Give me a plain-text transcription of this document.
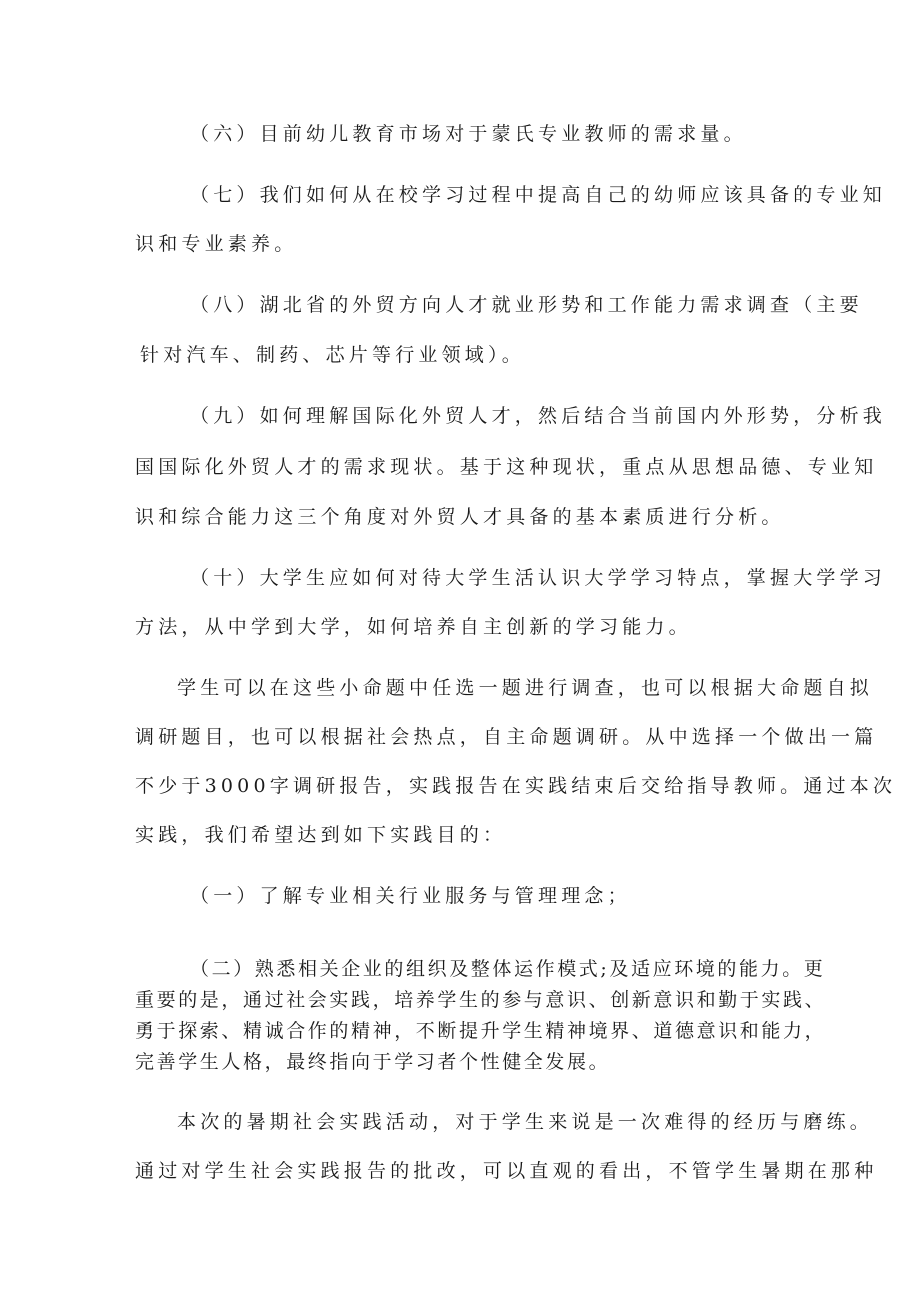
（六）目前幼儿教育市场对于蒙氏专业教师的需求量。
（七）我们如何从在校学习过程中提高自己的幼师应该具备的专业知
识和专业素养。
（八）湖北省的外贸方向人才就业形势和工作能力需求调查（主要
针对汽车、制药、芯片等行业领域）。
（九）如何理解国际化外贸人才，然后结合当前国内外形势，分析我
国国际化外贸人才的需求现状。基于这种现状，重点从思想品德、专业知
识和综合能力这三个角度对外贸人才具备的基本素质进行分析。
（十）大学生应如何对待大学生活认识大学学习特点，掌握大学学习
方法，从中学到大学，如何培养自主创新的学习能力。
学生可以在这些小命题中任选一题进行调查，也可以根据大命题自拟
调研题目，也可以根据社会热点，自主命题调研。从中选择一个做出一篇
不少于3000字调研报告，实践报告在实践结束后交给指导教师。通过本次
实践，我们希望达到如下实践目的：
（一）了解专业相关行业服务与管理理念；
（二）熟悉相关企业的组织及整体运作模式;及适应环境的能力。更
重要的是，通过社会实践，培养学生的参与意识、创新意识和勤于实践、
勇于探索、精诚合作的精神，不断提升学生精神境界、道德意识和能力，
完善学生人格，最终指向于学习者个性健全发展。
本次的暑期社会实践活动，对于学生来说是一次难得的经历与磨练。
通过对学生社会实践报告的批改，可以直观的看出，不管学生暑期在那种
